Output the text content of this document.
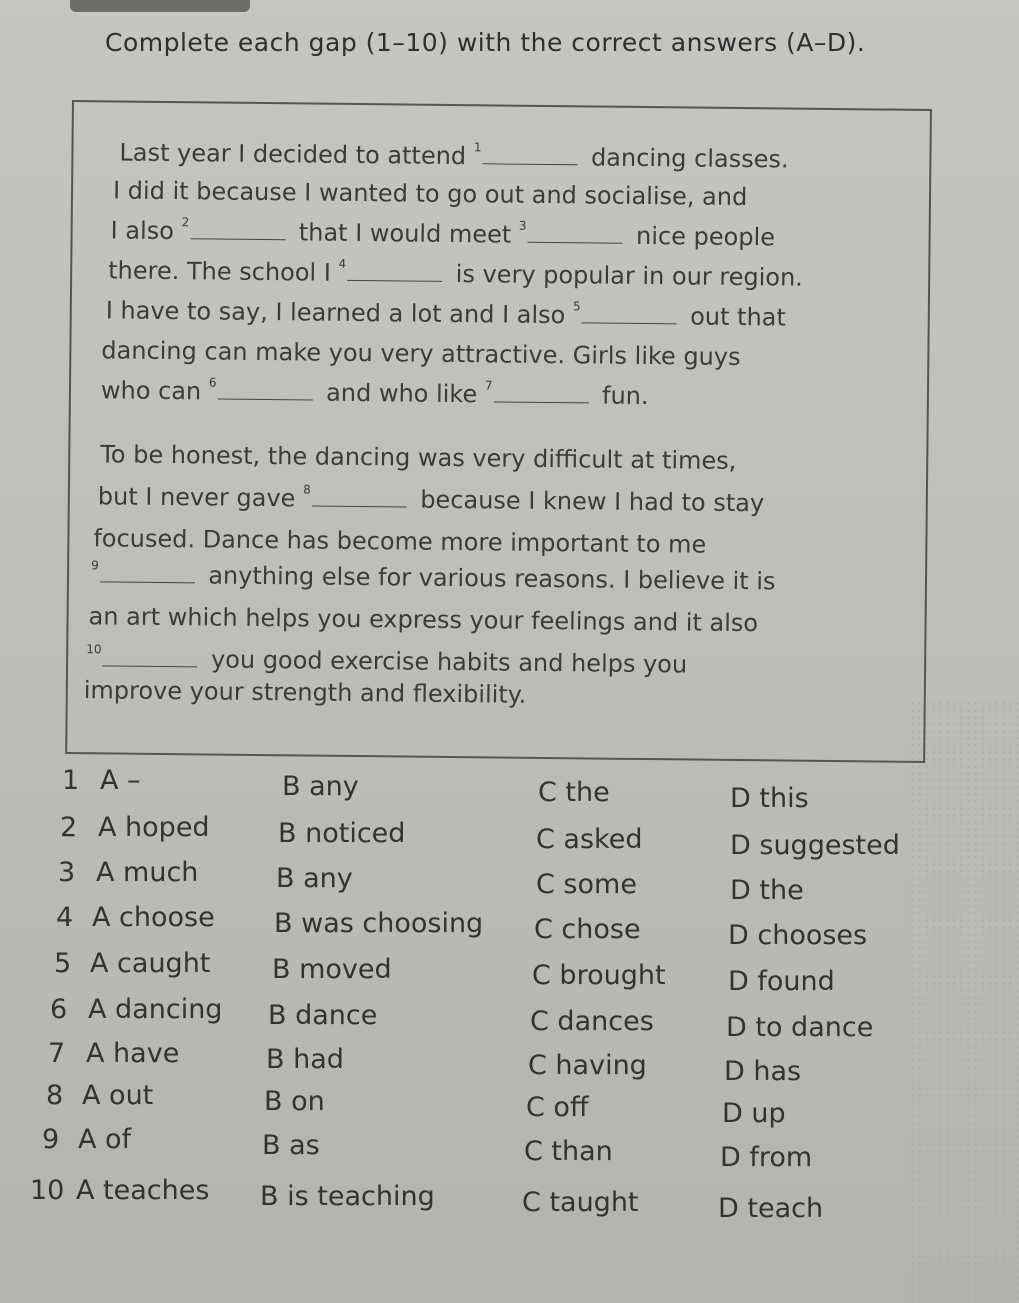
Complete each gap (1–10) with the correct answers (A–D).
Last year I decided to attend $^1$	dancing classes.
I did it because I wanted to go out and socialise, and
I also $^2$	that I would meet $^3$	nice people
there. The school I $^4$	is very popular in our region.
I have to say, I learned a lot and I also $^5$	out that
dancing can make you very attractive. Girls like guys
who can $^6$	and who like $^7$	fun.
To be honest, the dancing was very difficult at times,
but I never gave $^8$	because I knew I had to stay
focused. Dance has become more important to me
$^9$	anything else for various reasons. I believe it is
an art which helps you express your feelings and it also
$^{10}$	you good exercise habits and helps you
improve your strength and flexibility.
1 A –	B any	C the	D this
2 A hoped	B noticed	C asked	D suggested
3 A much	B any	C some	D the
4 A choose B was choosing C chose	D chooses
5 A caught B moved	C brought D found
6 A dancing B dance	C dances	D to dance
7 A have	B had	C having	D has
8 A out	B on	C off	D up
9 A of	B as	C than	D from
10 A teaches B is teaching	C taught	D teach
